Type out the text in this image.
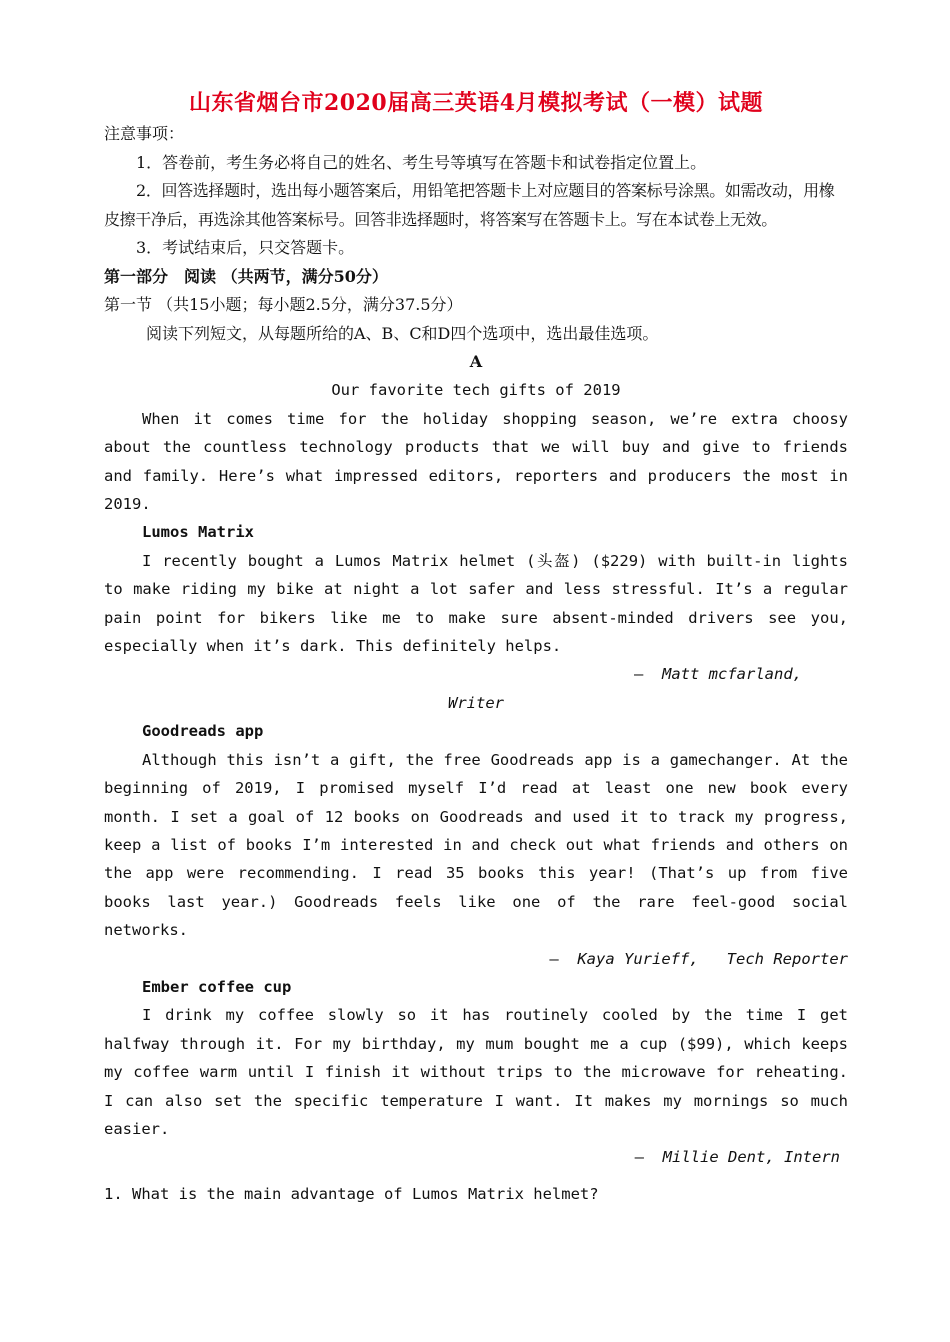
山东省烟台市2020届高三英语4月模拟考试（一模）试题

注意事项：

1．答卷前，考生务必将自己的姓名、考生号等填写在答题卡和试卷指定位置上。

2．回答选择题时，选出每小题答案后，用铅笔把答题卡上对应题目的答案标号涂黑。如需改动，用橡皮擦干净后，再选涂其他答案标号。回答非选择题时，将答案写在答题卡上。写在本试卷上无效。

3．考试结束后，只交答题卡。

第一部分　阅读 （共两节，满分50分）

第一节 （共15小题；每小题2.5分，满分37.5分）

阅读下列短文，从每题所给的A、B、C和D四个选项中，选出最佳选项。

A

Our favorite tech gifts of 2019

When it comes time for the holiday shopping season, we’re extra choosy about the countless technology products that we will buy and give to friends and family. Here’s what impressed editors, reporters and producers the most in 2019.

Lumos Matrix

I recently bought a Lumos Matrix helmet (头盔) ($229) with built-in lights to make riding my bike at night a lot safer and less stressful. It’s a regular pain point for bikers like me to make sure absent-minded drivers see you, especially when it’s dark. This definitely helps.

— Matt mcfarland,

Writer

Goodreads app

Although this isn’t a gift, the free Goodreads app is a gamechanger. At the beginning of 2019, I promised myself I’d read at least one new book every month. I set a goal of 12 books on Goodreads and used it to track my progress, keep a list of books I’m interested in and check out what friends and others on the app were recommending. I read 35 books this year! (That’s up from five books last year.) Goodreads feels like one of the rare feel-good social networks.

— Kaya Yurieff, Tech Reporter

Ember coffee cup

I drink my coffee slowly so it has routinely cooled by the time I get halfway through it. For my birthday, my mum bought me a cup ($99), which keeps my coffee warm until I finish it without trips to the microwave for reheating. I can also set the specific temperature I want. It makes my mornings so much easier.

— Millie Dent, Intern

1. What is the main advantage of Lumos Matrix helmet?
